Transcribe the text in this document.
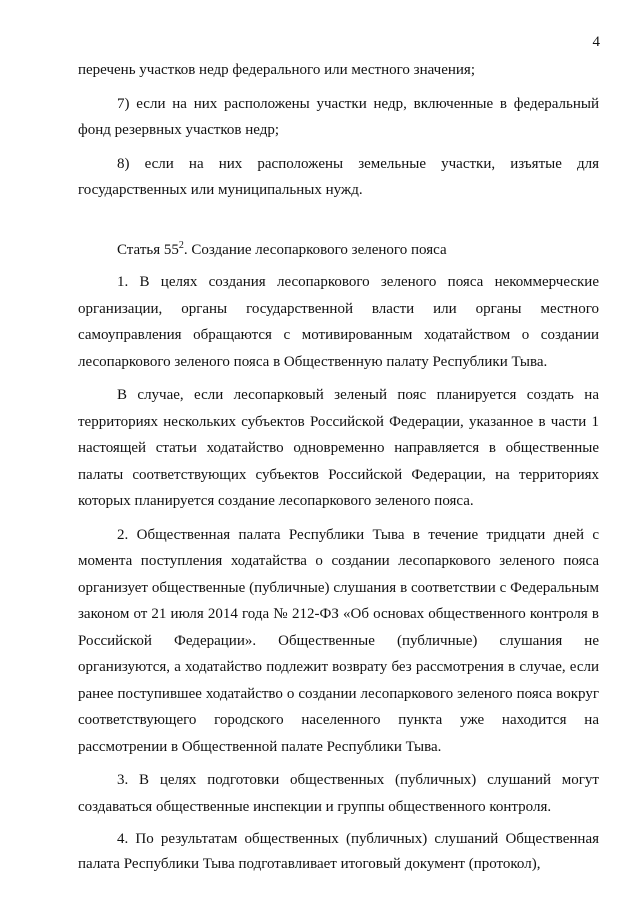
4

перечень участков недр федерального или местного значения;

7) если на них расположены участки недр, включенные в федеральный фонд резервных участков недр;

8) если на них расположены земельные участки, изъятые для государственных или муниципальных нужд.

Статья $55^2$. Создание лесопаркового зеленого пояса

1. В целях создания лесопаркового зеленого пояса некоммерческие организации, органы государственной власти или органы местного самоуправления обращаются с мотивированным ходатайством о создании лесопаркового зеленого пояса в Общественную палату Республики Тыва.

В случае, если лесопарковый зеленый пояс планируется создать на территориях нескольких субъектов Российской Федерации, указанное в части 1 настоящей статьи ходатайство одновременно направляется в общественные палаты соответствующих субъектов Российской Федерации, на территориях которых планируется создание лесопаркового зеленого пояса.

2. Общественная палата Республики Тыва в течение тридцати дней с момента поступления ходатайства о создании лесопаркового зеленого пояса организует общественные (публичные) слушания в соответствии с Федеральным законом от 21 июля 2014 года № 212-ФЗ «Об основах общественного контроля в Российской Федерации». Общественные (публичные) слушания не организуются, а ходатайство подлежит возврату без рассмотрения в случае, если ранее поступившее ходатайство о создании лесопаркового зеленого пояса вокруг соответствующего городского населенного пункта уже находится на рассмотрении в Общественной палате Республики Тыва.

3. В целях подготовки общественных (публичных) слушаний могут создаваться общественные инспекции и группы общественного контроля.

4. По результатам общественных (публичных) слушаний Общественная палата Республики Тыва подготавливает итоговый документ (протокол),
